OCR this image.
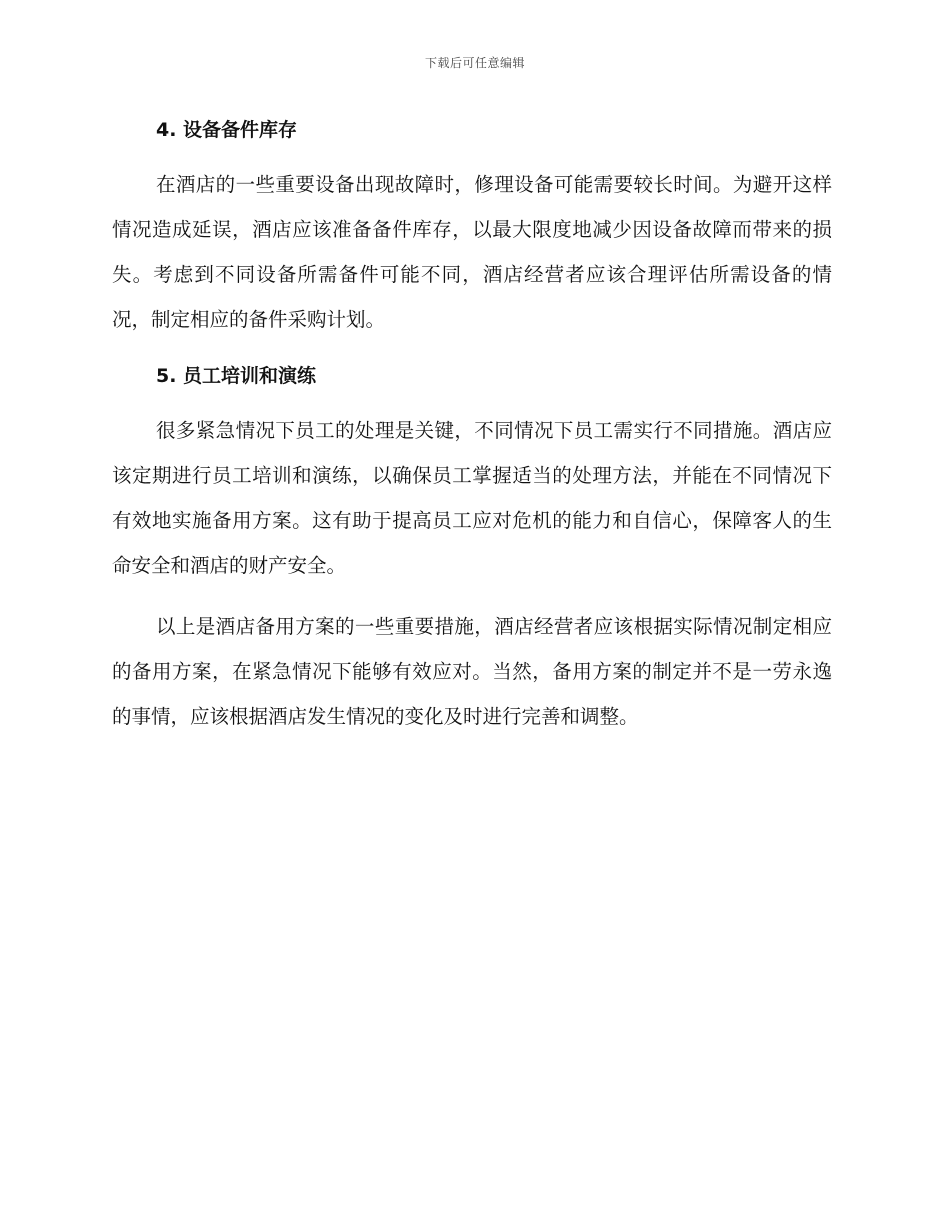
下载后可任意编辑
4. 设备备件库存

在酒店的一些重要设备出现故障时，修理设备可能需要较长时间。为避开这样情况造成延误，酒店应该准备备件库存，以最大限度地减少因设备故障而带来的损失。考虑到不同设备所需备件可能不同，酒店经营者应该合理评估所需设备的情况，制定相应的备件采购计划。

5. 员工培训和演练

很多紧急情况下员工的处理是关键，不同情况下员工需实行不同措施。酒店应该定期进行员工培训和演练，以确保员工掌握适当的处理方法，并能在不同情况下有效地实施备用方案。这有助于提高员工应对危机的能力和自信心，保障客人的生命安全和酒店的财产安全。

以上是酒店备用方案的一些重要措施，酒店经营者应该根据实际情况制定相应的备用方案，在紧急情况下能够有效应对。当然，备用方案的制定并不是一劳永逸的事情，应该根据酒店发生情况的变化及时进行完善和调整。
